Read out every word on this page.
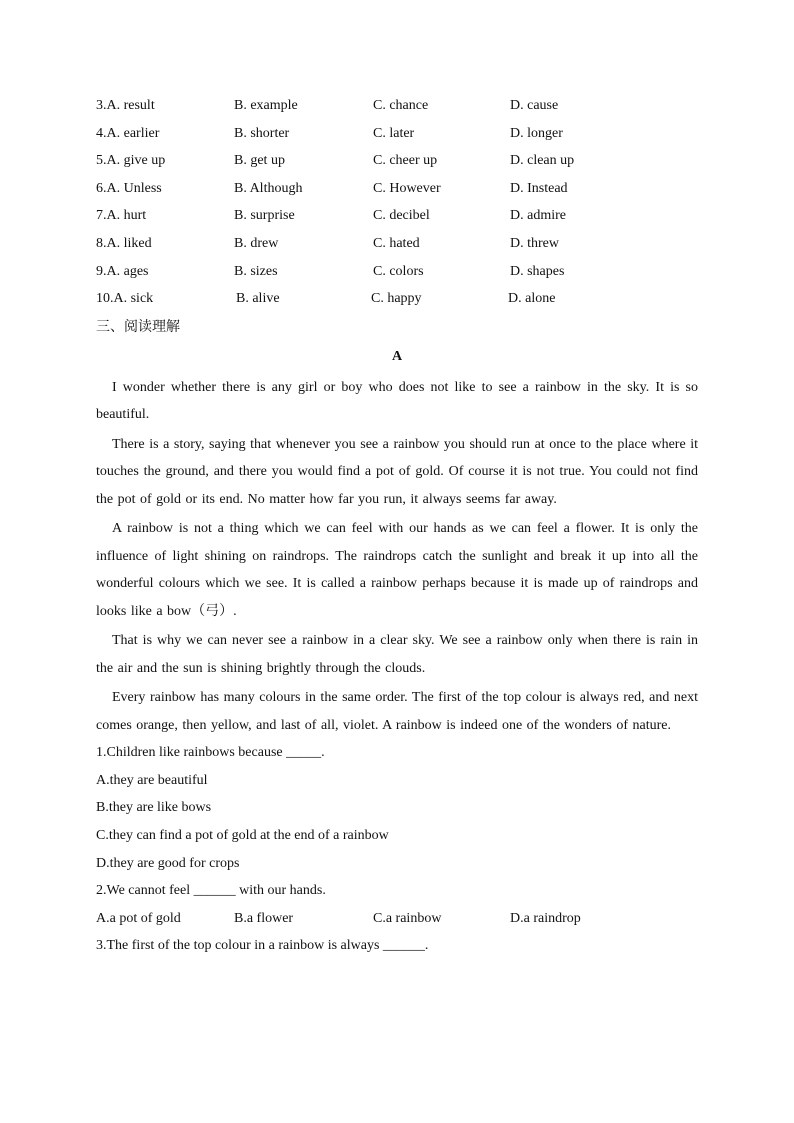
3.A. result	B. example	C. chance	D. cause
4.A. earlier	B. shorter	C. later	D. longer
5.A. give up	B. get up	C. cheer up	D. clean up
6.A. Unless	B. Although	C. However	D. Instead
7.A. hurt	B. surprise	C. decibel	D. admire
8.A. liked	B. drew	C. hated	D. threw
9.A. ages	B. sizes	C. colors	D. shapes
10.A. sick	B. alive	C. happy	D. alone
三、阅读理解
A

I wonder whether there is any girl or boy who does not like to see a rainbow in the sky. It is so beautiful.

There is a story, saying that whenever you see a rainbow you should run at once to the place where it touches the ground, and there you would find a pot of gold. Of course it is not true. You could not find the pot of gold or its end. No matter how far you run, it always seems far away.

A rainbow is not a thing which we can feel with our hands as we can feel a flower. It is only the influence of light shining on raindrops. The raindrops catch the sunlight and break it up into all the wonderful colours which we see. It is called a rainbow perhaps because it is made up of raindrops and looks like a bow（弓）.

That is why we can never see a rainbow in a clear sky. We see a rainbow only when there is rain in the air and the sun is shining brightly through the clouds.

Every rainbow has many colours in the same order. The first of the top colour is always red, and next comes orange, then yellow, and last of all, violet. A rainbow is indeed one of the wonders of nature.

1.Children like rainbows because _____.
A.they are beautiful
B.they are like bows
C.they can find a pot of gold at the end of a rainbow
D.they are good for crops
2.We cannot feel ______ with our hands.
A.a pot of gold	B.a flower	C.a rainbow	D.a raindrop
3.The first of the top colour in a rainbow is always ______.
